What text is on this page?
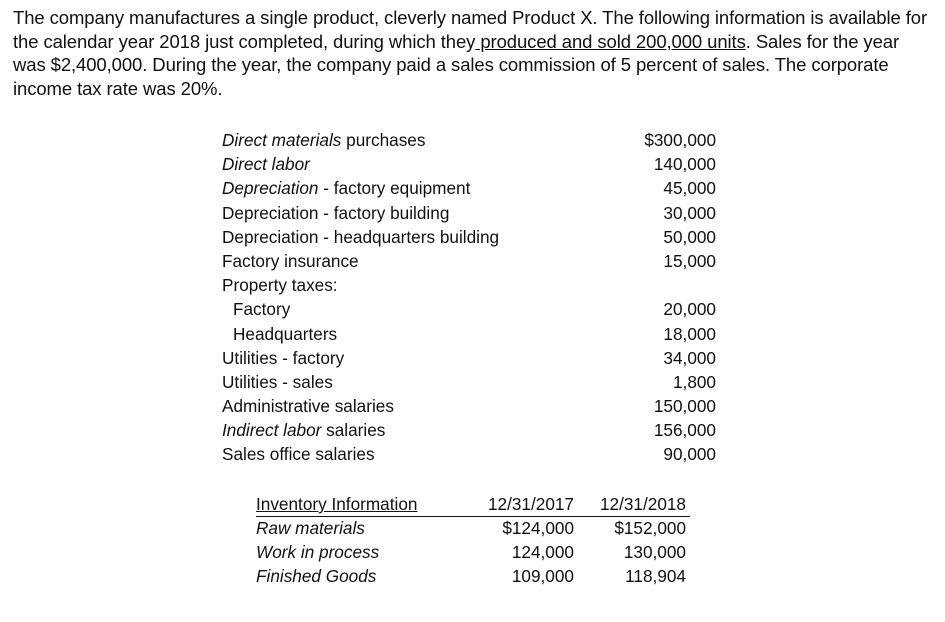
The company manufactures a single product, cleverly named Product X. The following information is available for the calendar year 2018 just completed, during which they produced and sold 200,000 units. Sales for the year was $2,400,000. During the year, the company paid a sales commission of 5 percent of sales. The corporate income tax rate was 20%.
Direct materials purchases	$300,000
Direct labor	140,000
Depreciation - factory equipment	45,000
Depreciation - factory building	30,000
Depreciation - headquarters building	50,000
Factory insurance	15,000
Property taxes:
Factory	20,000
Headquarters	18,000
Utilities - factory	34,000
Utilities - sales	1,800
Administrative salaries	150,000
Indirect labor salaries	156,000
Sales office salaries	90,000
Inventory Information	12/31/2017 12/31/2018
Raw materials	$124,000 $152,000
Work in process	124,000	130,000
Finished Goods	109,000	118,904
